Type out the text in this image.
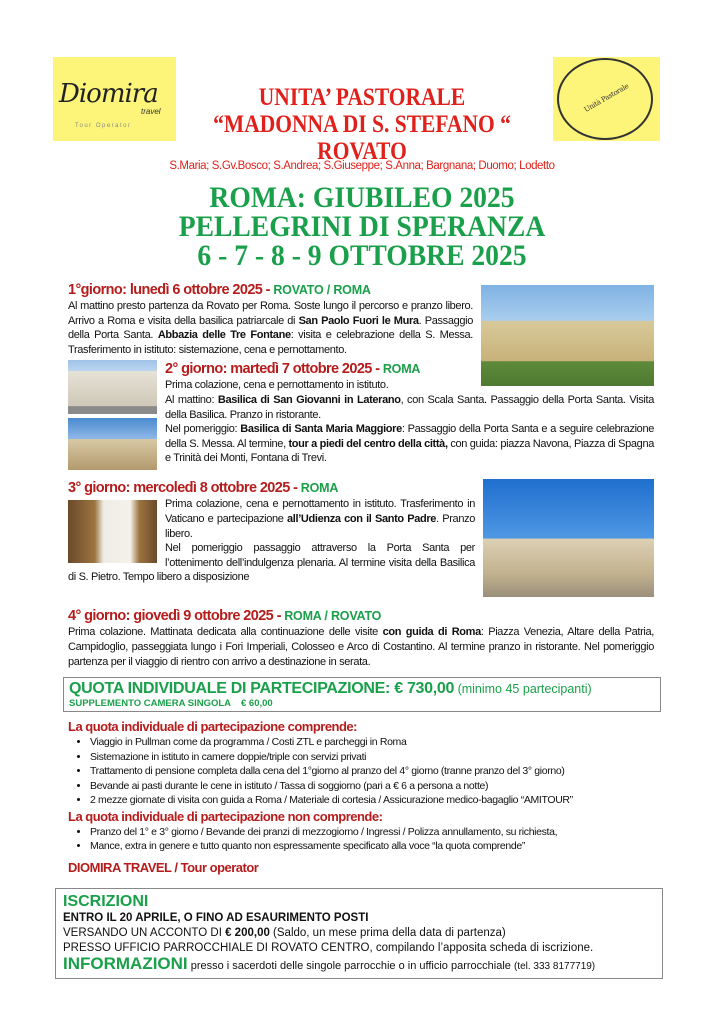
Diomira
travel
Tour Operator
Unità Pastorale
UNITA’ PASTORALE
“MADONNA DI S. STEFANO “
ROVATO
S.Maria; S.Gv.Bosco; S.Andrea; S.Giuseppe; S.Anna; Bargnana; Duomo; Lodetto
ROMA: GIUBILEO 2025
PELLEGRINI DI SPERANZA
6 - 7 - 8 - 9 OTTOBRE 2025
1°giorno: lunedì 6 ottobre 2025 - ROVATO / ROMA
Al mattino presto partenza da Rovato per Roma. Soste lungo il percorso e pranzo libero. Arrivo a Roma e visita della basilica patriarcale di San Paolo Fuori le Mura. Passaggio della Porta Santa. Abbazia delle Tre Fontane: visita e celebrazione della S. Messa. Trasferimento in istituto: sistemazione, cena e pernottamento.
2° giorno: martedì 7 ottobre 2025 - ROMA
Prima colazione, cena e pernottamento in istituto.
Al mattino: Basilica di San Giovanni in Laterano, con Scala Santa. Passaggio della Porta Santa. Visita della Basilica. Pranzo in ristorante.
Nel pomeriggio: Basilica di Santa Maria Maggiore: Passaggio della Porta Santa e a seguire celebrazione della S. Messa. Al termine, tour a piedi del centro della città, con guida: piazza Navona, Piazza di Spagna e Trinità dei Monti, Fontana di Trevi.
3° giorno: mercoledì 8 ottobre 2025 - ROMA
Prima colazione, cena e pernottamento in istituto. Trasferimento in Vaticano e partecipazione all’Udienza con il Santo Padre. Pranzo libero.
Nel pomeriggio passaggio attraverso la Porta Santa per l’ottenimento dell’indulgenza plenaria. Al termine visita della Basilica di S. Pietro. Tempo libero a disposizione
4° giorno: giovedì 9 ottobre 2025 - ROMA / ROVATO
Prima colazione. Mattinata dedicata alla continuazione delle visite con guida di Roma: Piazza Venezia, Altare della Patria, Campidoglio, passeggiata lungo i Fori Imperiali, Colosseo e Arco di Costantino. Al termine pranzo in ristorante. Nel pomeriggio partenza per il viaggio di rientro con arrivo a destinazione in serata.
QUOTA INDIVIDUALE DI PARTECIPAZIONE: € 730,00 (minimo 45 partecipanti)
SUPPLEMENTO CAMERA SINGOLA € 60,00
La quota individuale di partecipazione comprende:
• Viaggio in Pullman come da programma / Costi ZTL e parcheggi in Roma
• Sistemazione in istituto in camere doppie/triple con servizi privati
• Trattamento di pensione completa dalla cena del 1°giorno al pranzo del 4° giorno (tranne pranzo del 3° giorno)
• Bevande ai pasti durante le cene in istituto / Tassa di soggiorno (pari a € 6 a persona a notte)
• 2 mezze giornate di visita con guida a Roma / Materiale di cortesia / Assicurazione medico-bagaglio “AMITOUR”
La quota individuale di partecipazione non comprende:
• Pranzo del 1° e 3° giorno / Bevande dei pranzi di mezzogiorno / Ingressi / Polizza annullamento, su richiesta,
• Mance, extra in genere e tutto quanto non espressamente specificato alla voce “la quota comprende”
DIOMIRA TRAVEL / Tour operator
ISCRIZIONI
ENTRO IL 20 APRILE, O FINO AD ESAURIMENTO POSTI
VERSANDO UN ACCONTO DI € 200,00 (Saldo, un mese prima della data di partenza)
PRESSO UFFICIO PARROCCHIALE DI ROVATO CENTRO, compilando l’apposita scheda di iscrizione.
INFORMAZIONI presso i sacerdoti delle singole parrocchie o in ufficio parrocchiale (tel. 333 8177719)
